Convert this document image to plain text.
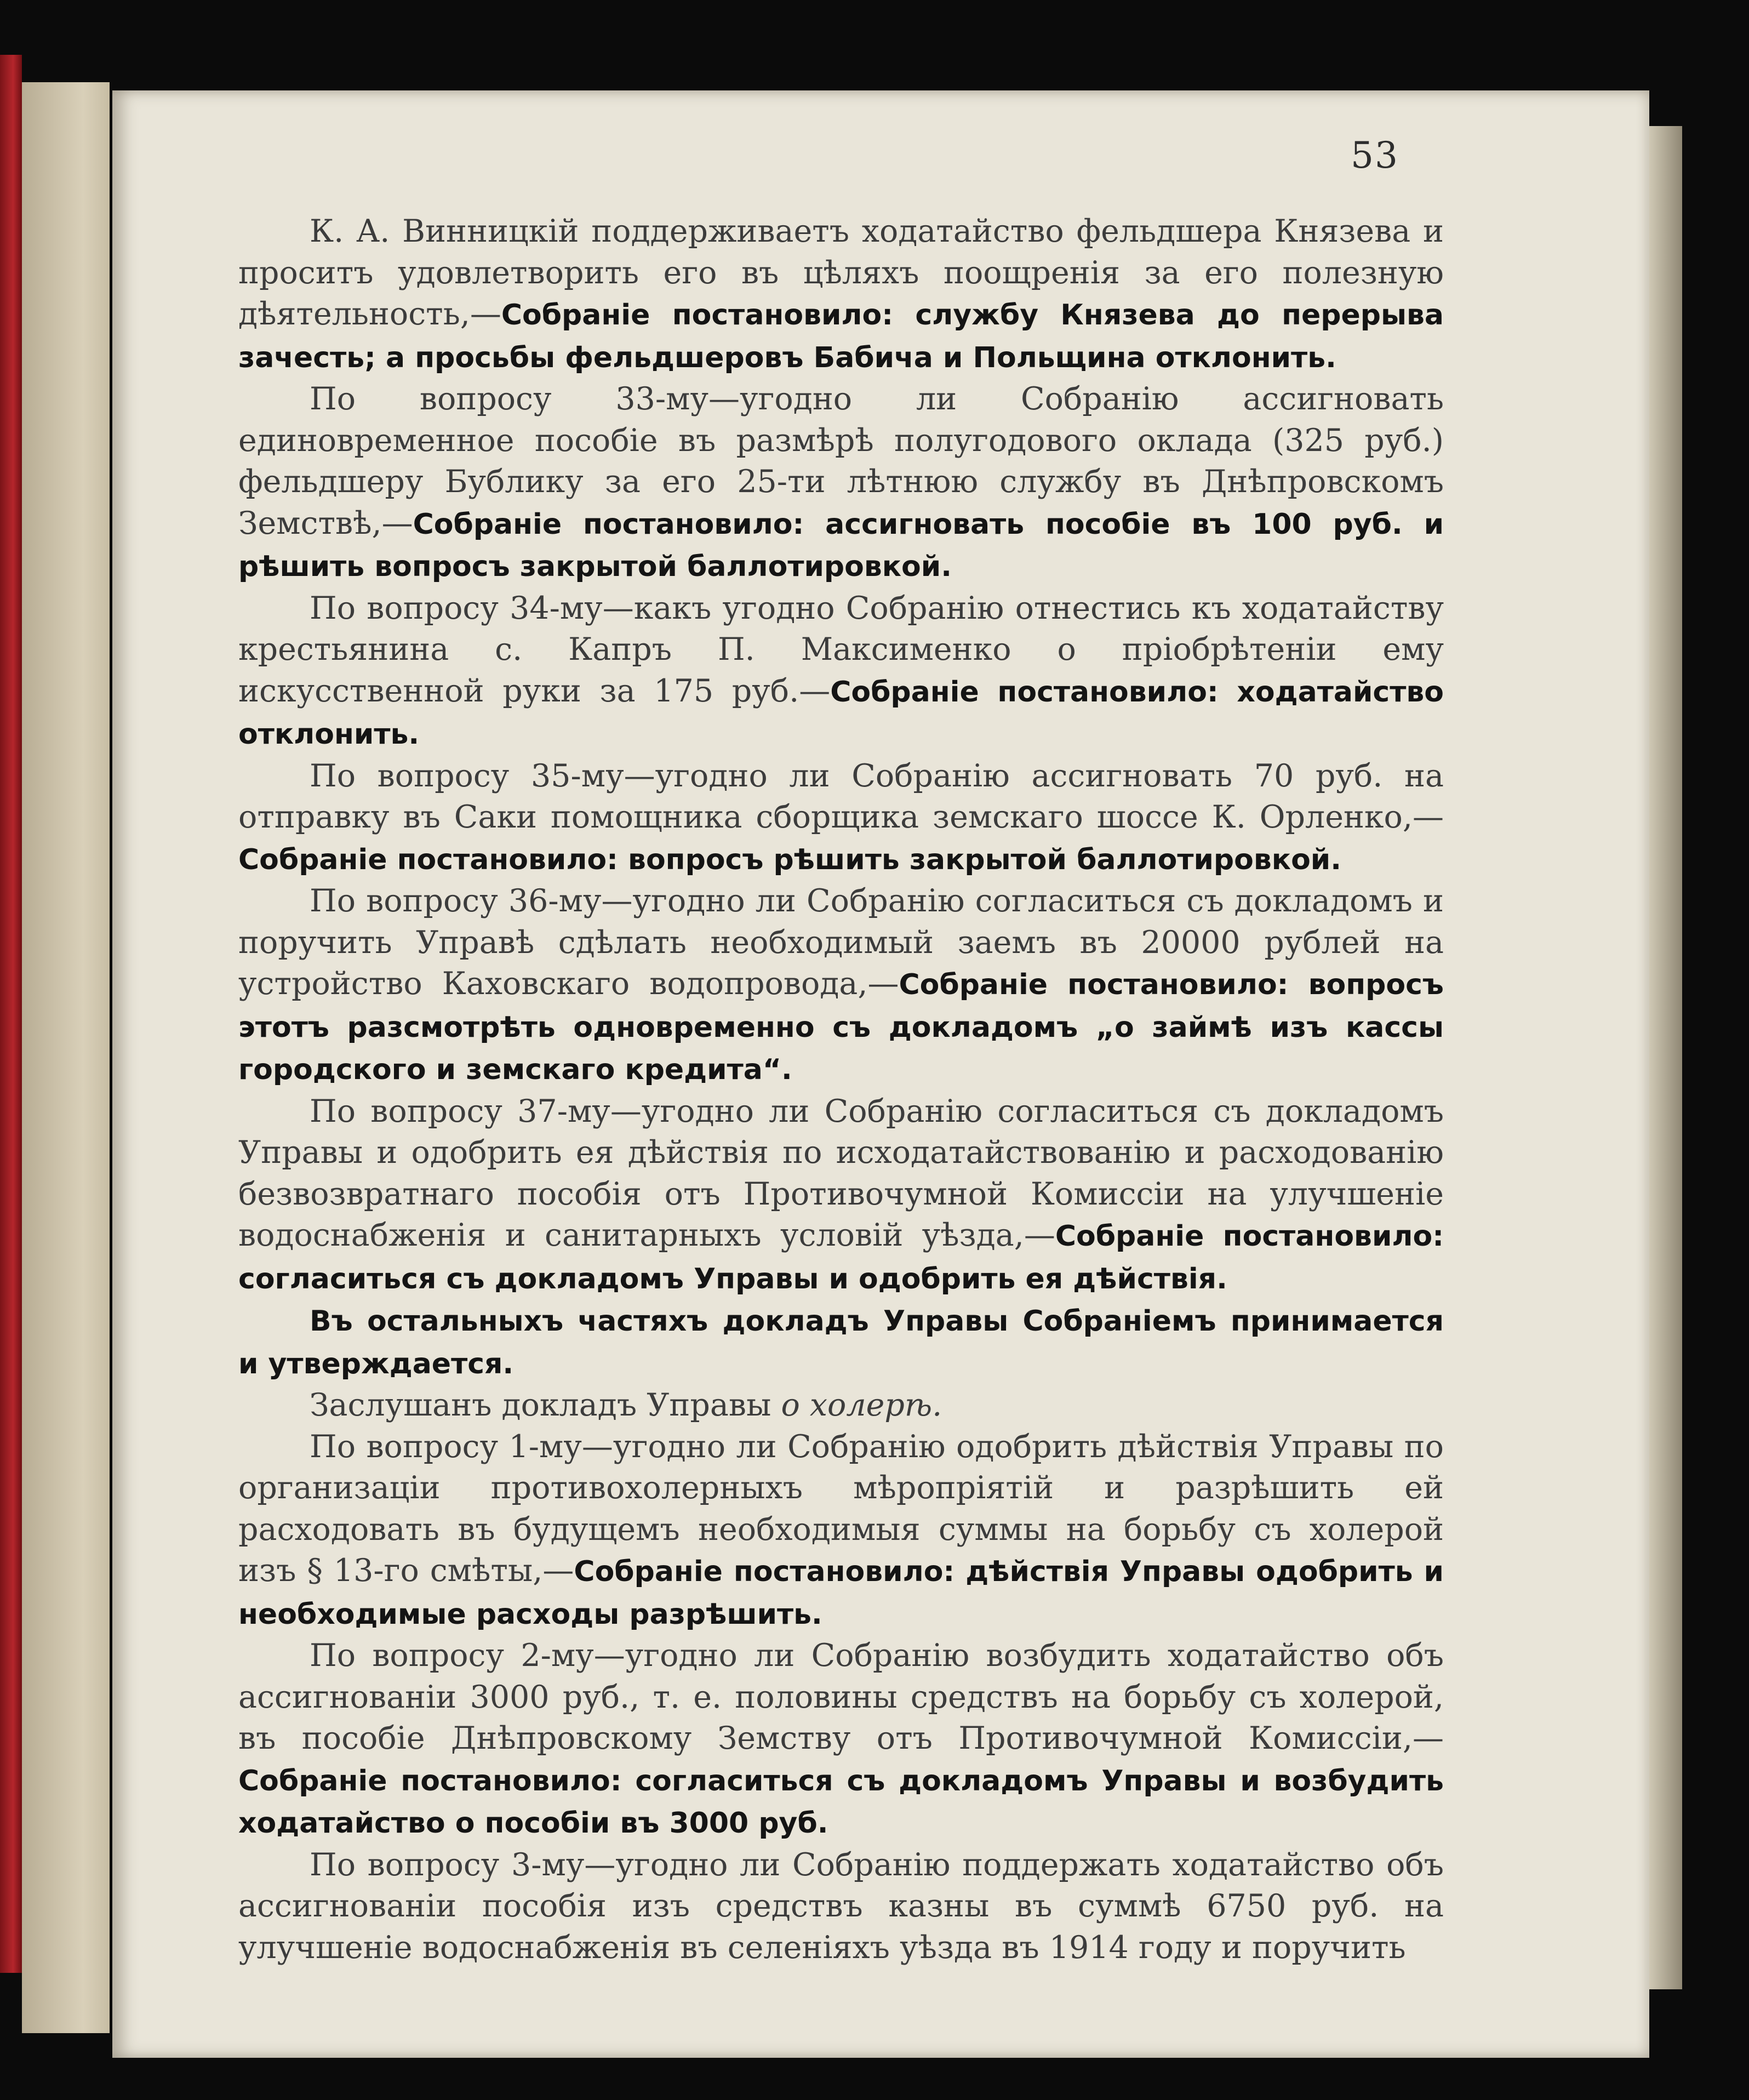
53

К. А. Винницкій поддерживаетъ ходатайство фельдшера Князева и проситъ удовлетворить его въ цѣляхъ поощренія за его полезную дѣятельность,—Собраніе постановило: службу Князева до перерыва зачесть; а просьбы фельдшеровъ Бабича и Польщина отклонить.

По вопросу 33-му—угодно ли Собранію ассигновать единовременное пособіе въ размѣрѣ полугодового оклада (325 руб.) фельдшеру Бублику за его 25-ти лѣтнюю службу въ Днѣпровскомъ Земствѣ,—Собраніе постановило: ассигновать пособіе въ 100 руб. и рѣшить вопросъ закрытой баллотировкой.

По вопросу 34-му—какъ угодно Собранію отнестись къ ходатайству крестьянина с. Капръ П. Максименко о пріобрѣтеніи ему искусственной руки за 175 руб.—Собраніе постановило: ходатайство отклонить.

По вопросу 35-му—угодно ли Собранію ассигновать 70 руб. на отправку въ Саки помощника сборщика земскаго шоссе К. Орленко,—Собраніе постановило: вопросъ рѣшить закрытой баллотировкой.

По вопросу 36-му—угодно ли Собранію согласиться съ докладомъ и поручить Управѣ сдѣлать необходимый заемъ въ 20000 рублей на устройство Каховскаго водопровода,—Собраніе постановило: вопросъ этотъ разсмотрѣть одновременно съ докладомъ „о займѣ изъ кассы городского и земскаго кредита“.

По вопросу 37-му—угодно ли Собранію согласиться съ докладомъ Управы и одобрить ея дѣйствія по исходатайствованію и расходованію безвозвратнаго пособія отъ Противочумной Комиссіи на улучшеніе водоснабженія и санитарныхъ условій уѣзда,—Собраніе постановило: согласиться съ докладомъ Управы и одобрить ея дѣйствія.

Въ остальныхъ частяхъ докладъ Управы Собраніемъ принимается и утверждается.

Заслушанъ докладъ Управы о холерѣ.

По вопросу 1-му—угодно ли Собранію одобрить дѣйствія Управы по организаціи противохолерныхъ мѣропріятій и разрѣшить ей расходовать въ будущемъ необходимыя суммы на борьбу съ холерой изъ § 13-го смѣты,—Собраніе постановило: дѣйствія Управы одобрить и необходимые расходы разрѣшить.

По вопросу 2-му—угодно ли Собранію возбудить ходатайство объ ассигнованіи 3000 руб., т. е. половины средствъ на борьбу съ холерой, въ пособіе Днѣпровскому Земству отъ Противочумной Комиссіи,—Собраніе постановило: согласиться съ докладомъ Управы и возбудить ходатайство о пособіи въ 3000 руб.

По вопросу 3-му—угодно ли Собранію поддержать ходатайство объ ассигнованіи пособія изъ средствъ казны въ суммѣ 6750 руб. на улучшеніе водоснабженія въ селеніяхъ уѣзда въ 1914 году и поручить
